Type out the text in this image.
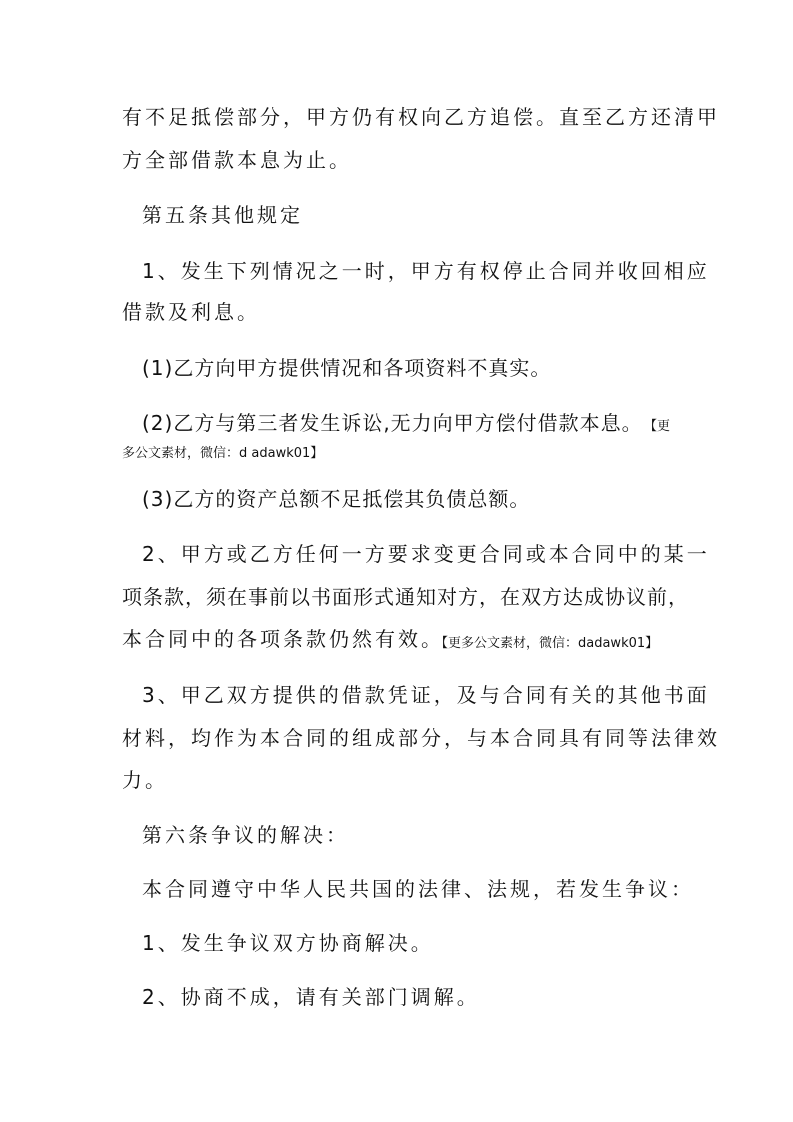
有不足抵偿部分，甲方仍有权向乙方追偿。直至乙方还清甲
方全部借款本息为止。
第五条其他规定
1、发生下列情况之一时，甲方有权停止合同并收回相应
借款及利息。
(1)乙方向甲方提供情况和各项资料不真实。
(2)乙方与第三者发生诉讼,无力向甲方偿付借款本息。 【更
多公文素材，微信：d adawk01】
(3)乙方的资产总额不足抵偿其负债总额。
2、甲方或乙方任何一方要求变更合同或本合同中的某一
项条款，须在事前以书面形式通知对方，在双方达成协议前，
本合同中的各项条款仍然有效。
【更多公文素材，微信：dadawk01】
3、甲乙双方提供的借款凭证，及与合同有关的其他书面
材料，均作为本合同的组成部分，与本合同具有同等法律效
力。
第六条争议的解决：
本合同遵守中华人民共国的法律、法规，若发生争议：
1、发生争议双方协商解决。
2、协商不成，请有关部门调解。
